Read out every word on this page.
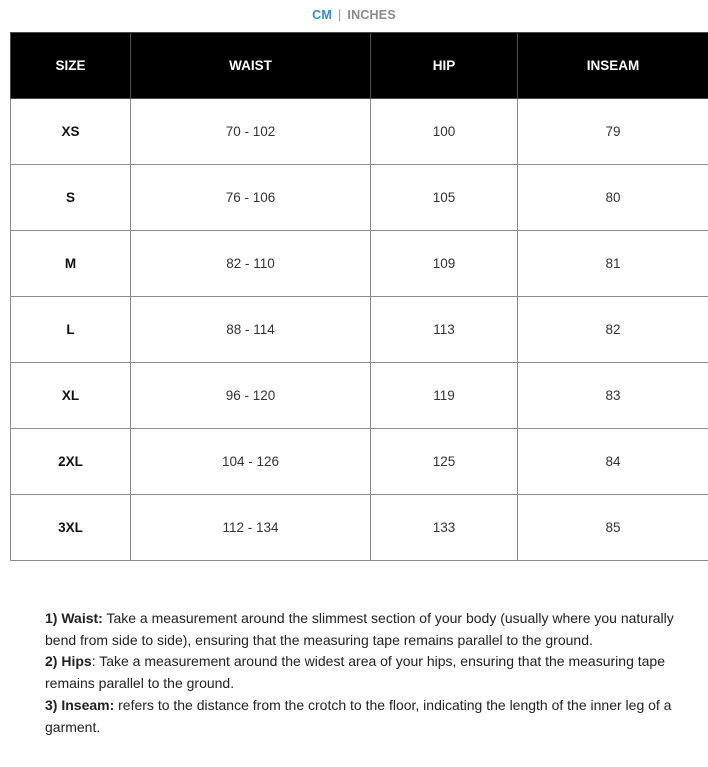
CM | INCHES
SIZE	WAIST	HIP	INSEAM
XS	70 - 102	100	79
S	76 - 106	105	80
M	82 - 110	109	81
L	88 - 114	113	82
XL	96 - 120	119	83
2XL	104 - 126	125	84
3XL	112 - 134	133	85

1) Waist: Take a measurement around the slimmest section of your body (usually where you naturally bend from side to side), ensuring that the measuring tape remains parallel to the ground.

2) Hips: Take a measurement around the widest area of your hips, ensuring that the measuring tape remains parallel to the ground.

3) Inseam: refers to the distance from the crotch to the floor, indicating the length of the inner leg of a garment.
